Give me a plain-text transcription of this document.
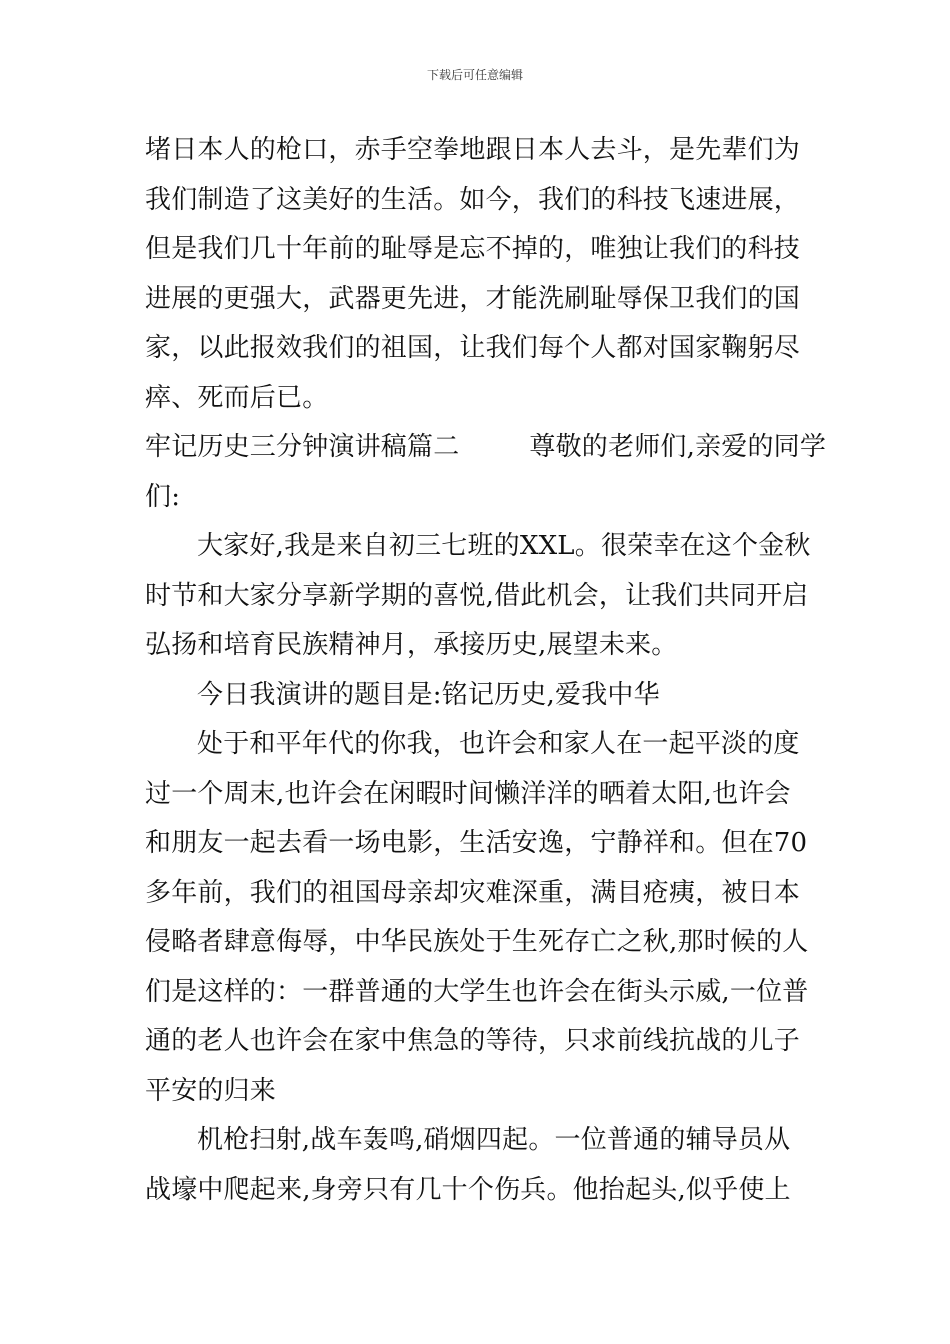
下载后可任意编辑
堵日本人的枪口，赤手空拳地跟日本人去斗，是先辈们为
我们制造了这美好的生活。如今，我们的科技飞速进展，
但是我们几十年前的耻辱是忘不掉的，唯独让我们的科技
进展的更强大，武器更先进，才能洗刷耻辱保卫我们的国
家，以此报效我们的祖国，让我们每个人都对国家鞠躬尽
瘁、死而后已。
牢记历史三分钟演讲稿篇二	尊敬的老师们,亲爱的同学
们:
大家好,我是来自初三七班的XXL。很荣幸在这个金秋
时节和大家分享新学期的喜悦,借此机会，让我们共同开启
弘扬和培育民族精神月，承接历史,展望未来。
今日我演讲的题目是:铭记历史,爱我中华
处于和平年代的你我，也许会和家人在一起平淡的度
过一个周末,也许会在闲暇时间懒洋洋的晒着太阳,也许会
和朋友一起去看一场电影，生活安逸，宁静祥和。但在70
多年前，我们的祖国母亲却灾难深重，满目疮痍，被日本
侵略者肆意侮辱，中华民族处于生死存亡之秋,那时候的人
们是这样的：一群普通的大学生也许会在街头示威,一位普
通的老人也许会在家中焦急的等待，只求前线抗战的儿子
平安的归来
机枪扫射,战车轰鸣,硝烟四起。一位普通的辅导员从
战壕中爬起来,身旁只有几十个伤兵。他抬起头,似乎使上
